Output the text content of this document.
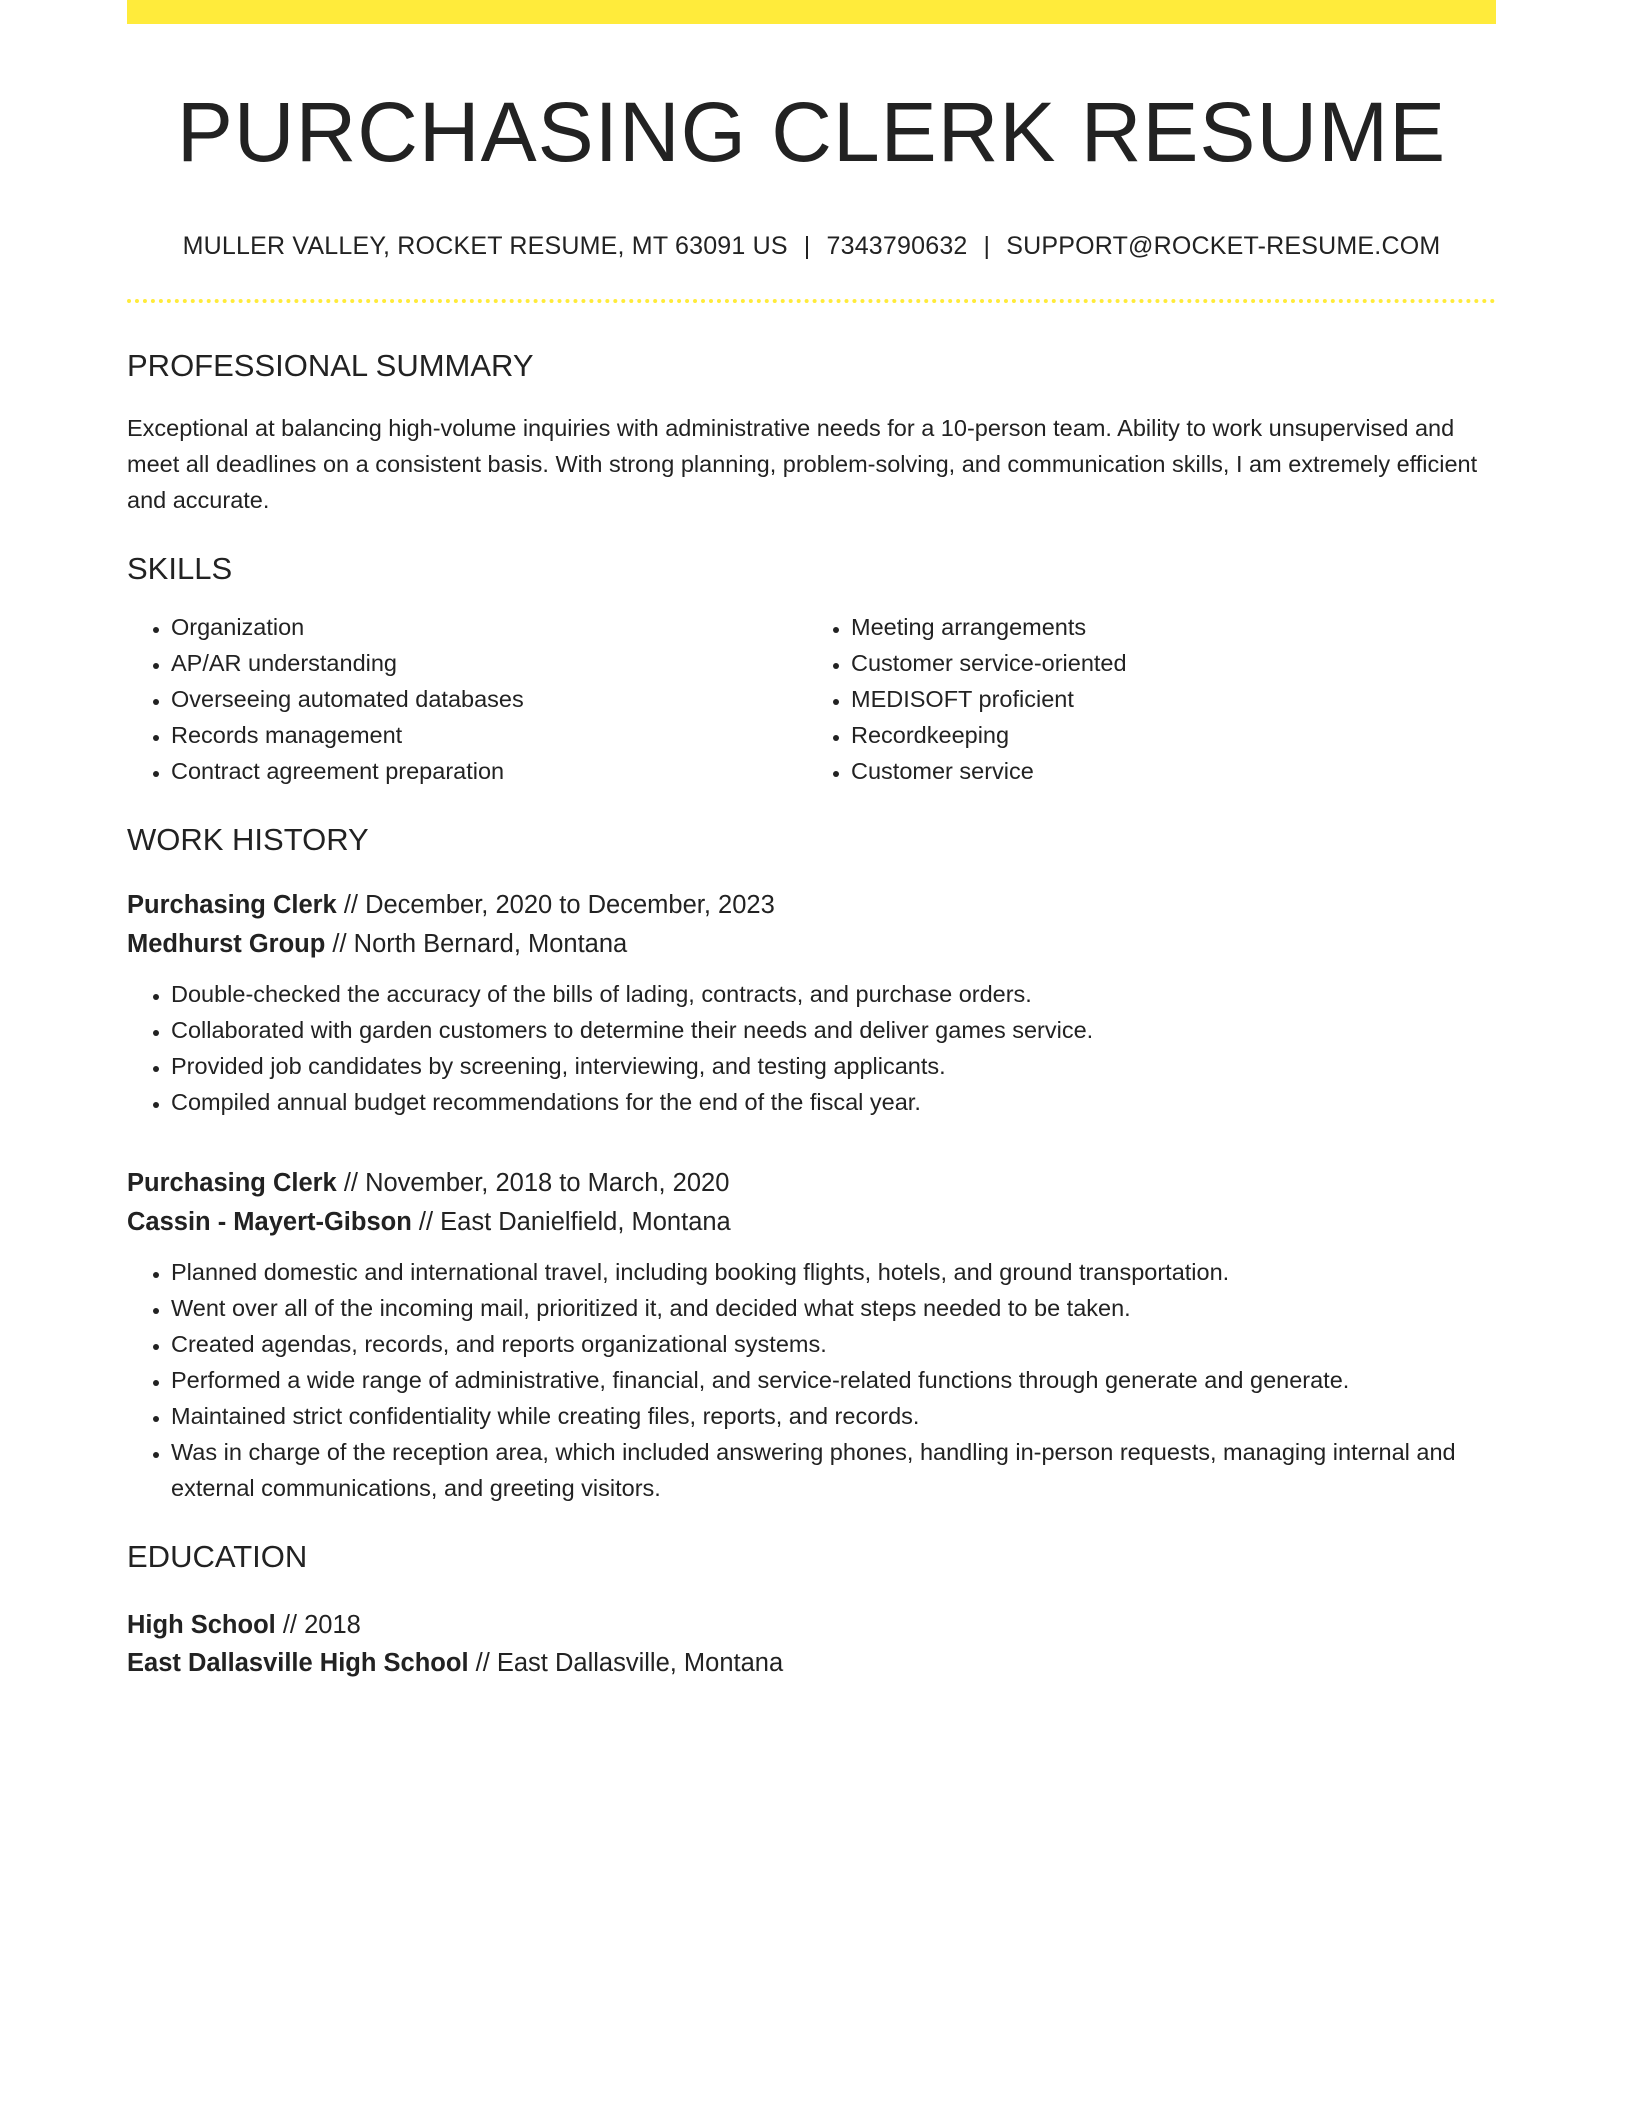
PURCHASING CLERK RESUME
MULLER VALLEY, ROCKET RESUME, MT 63091 US | 7343790632 | SUPPORT@ROCKET-RESUME.COM
PROFESSIONAL SUMMARY

Exceptional at balancing high-volume inquiries with administrative needs for a 10-person team. Ability to work unsupervised and meet all deadlines on a consistent basis. With strong planning, problem-solving, and communication skills, I am extremely efficient and accurate.

SKILLS
• Organization
• AP/AR understanding
• Overseeing automated databases
• Records management
• Contract agreement preparation
• Meeting arrangements
• Customer service-oriented
• MEDISOFT proficient
• Recordkeeping
• Customer service
WORK HISTORY
Purchasing Clerk // December, 2020 to December, 2023
Medhurst Group // North Bernard, Montana
• Double-checked the accuracy of the bills of lading, contracts, and purchase orders.
• Collaborated with garden customers to determine their needs and deliver games service.
• Provided job candidates by screening, interviewing, and testing applicants.
• Compiled annual budget recommendations for the end of the fiscal year.
Purchasing Clerk // November, 2018 to March, 2020
Cassin - Mayert-Gibson // East Danielfield, Montana
• Planned domestic and international travel, including booking flights, hotels, and ground transportation.
• Went over all of the incoming mail, prioritized it, and decided what steps needed to be taken.
• Created agendas, records, and reports organizational systems.
• Performed a wide range of administrative, financial, and service-related functions through generate and generate.
• Maintained strict confidentiality while creating files, reports, and records.
• Was in charge of the reception area, which included answering phones, handling in-person requests, managing internal and external communications, and greeting visitors.
EDUCATION
High School // 2018
East Dallasville High School // East Dallasville, Montana
